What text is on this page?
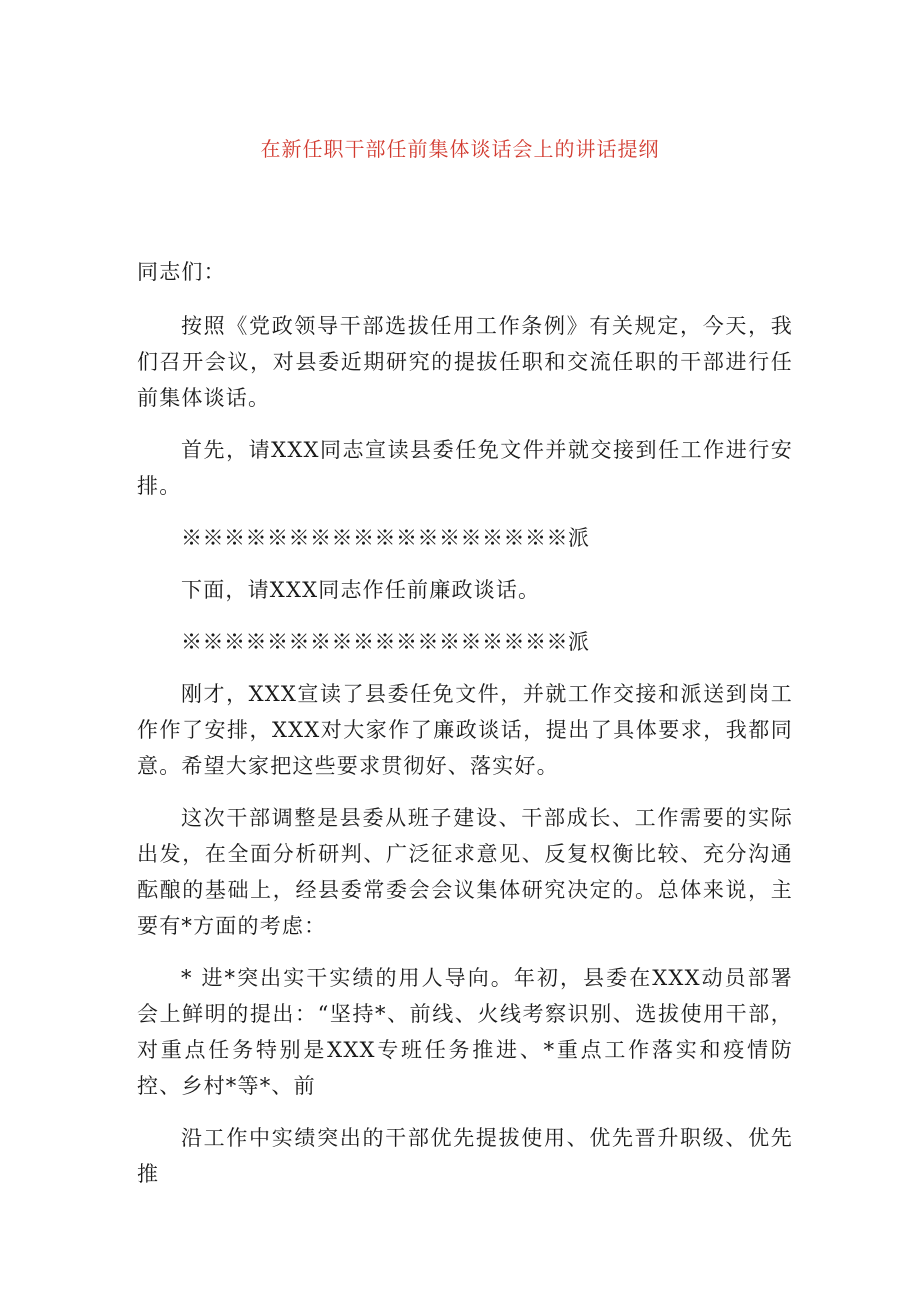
在新任职干部任前集体谈话会上的讲话提纲

同志们：

按照《党政领导干部选拔任用工作条例》有关规定，今天，我们召开会议，对县委近期研究的提拔任职和交流任职的干部进行任前集体谈话。

首先，请XXX同志宣读县委任免文件并就交接到任工作进行安排。

※※※※※※※※※※※※※※※※※※派

下面，请XXX同志作任前廉政谈话。

※※※※※※※※※※※※※※※※※※派

刚才，XXX宣读了县委任免文件，并就工作交接和派送到岗工作作了安排，XXX对大家作了廉政谈话，提出了具体要求，我都同意。希望大家把这些要求贯彻好、落实好。

这次干部调整是县委从班子建设、干部成长、工作需要的实际出发，在全面分析研判、广泛征求意见、反复权衡比较、充分沟通酝酿的基础上，经县委常委会会议集体研究决定的。总体来说，主要有*方面的考虑：

* 进*突出实干实绩的用人导向。年初，县委在XXX动员部署会上鲜明的提出：“坚持*、前线、火线考察识别、选拔使用干部，对重点任务特别是XXX专班任务推进、*重点工作落实和疫情防控、乡村*等*、前

沿工作中实绩突出的干部优先提拔使用、优先晋升职级、优先推
